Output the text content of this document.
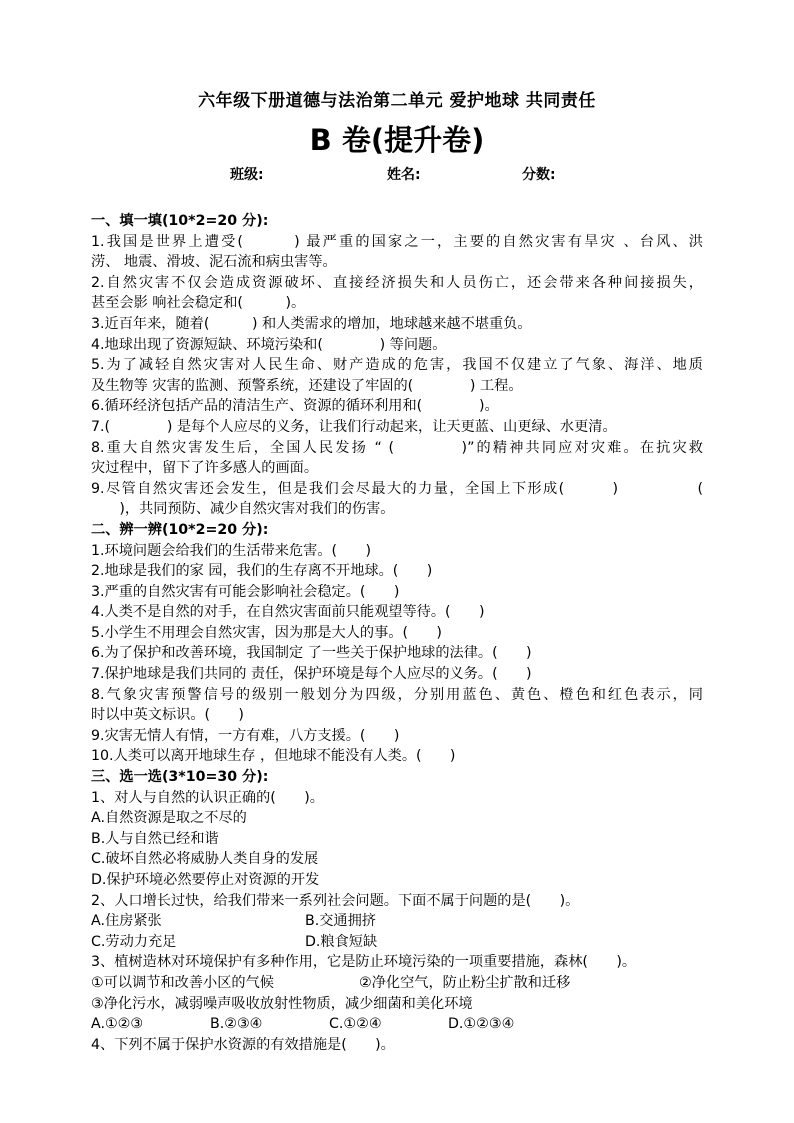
六年级下册道德与法治第二单元 爱护地球 共同责任
B 卷(提升卷)
班级:	姓名:	分数:
一、填一填(10*2=20 分):
1.我国是世界上遭受(　　　) 最严重的国家之一，主要的自然灾害有旱灾 、台风、洪
涝、 地震、滑坡、泥石流和病虫害等。
2.自然灾害不仅会造成资源破坏、直接经济损失和人员伤亡，还会带来各种间接损失，
甚至会影 响社会稳定和(　　　)。
3.近百年来，随着(　　　) 和人类需求的增加，地球越来越不堪重负。
4.地球出现了资源短缺、环境污染和(　　　　) 等问题。
5.为了减轻自然灾害对人民生命、财产造成的危害，我国不仅建立了气象、海洋、地质
及生物等 灾害的监测、预警系统，还建设了牢固的(　　　　) 工程。
6.循环经济包括产品的清洁生产、资源的循环利用和(　　　　)。
7.(　　　　) 是每个人应尽的义务，让我们行动起来，让天更蓝、山更绿、水更清。
8.重大自然灾害发生后，全国人民发扬 “ (　　　　)”的精神共同应对灾难。在抗灾救
灾过程中，留下了许多感人的画面。
9.尽管自然灾害还会发生，但是我们会尽最大的力量，全国上下形成(　　　)　　　　　(
　　)，共同预防、减少自然灾害对我们的伤害。
二、辨一辨(10*2=20 分):
1.环境问题会给我们的生活带来危害。(　　)
2.地球是我们的家 园，我们的生存离不开地球。(　　)
3.严重的自然灾害有可能会影响社会稳定。(　　)
4.人类不是自然的对手，在自然灾害面前只能观望等待。(　　)
5.小学生不用理会自然灾害，因为那是大人的事。(　　)
6.为了保护和改善环境，我国制定 了一些关于保护地球的法律。(　　)
7.保护地球是我们共同的 责任，保护环境是每个人应尽的义务。(　　)
8.气象灾害预警信号的级别一般划分为四级，分别用蓝色、黄色、橙色和红色表示，同
时以中英文标识。(　　)
9.灾害无情人有情，一方有难，八方支援。(　　)
10.人类可以离开地球生存 ，但地球不能没有人类。(　　)
三、选一选(3*10=30 分):
1、对人与自然的认识正确的(　　)。
A.自然资源是取之不尽的
B.人与自然已经和谐
C.破坏自然必将威胁人类自身的发展
D.保护环境必然要停止对资源的开发
2、人口增长过快，给我们带来一系列社会问题。下面不属于问题的是(　　)。
A.住房紧张	B.交通拥挤
C.劳动力充足	D.粮食短缺
3、植树造林对环境保护有多种作用，它是防止环境污染的一项重要措施，森林(　　)。
①可以调节和改善小区的气候	②净化空气，防止粉尘扩散和迁移
③净化污水，减弱噪声吸收放射性物质，减少细菌和美化环境
A.①②③	B.②③④	C.①②④	D.①②③④
4、下列不属于保护水资源的有效措施是(　　)。
